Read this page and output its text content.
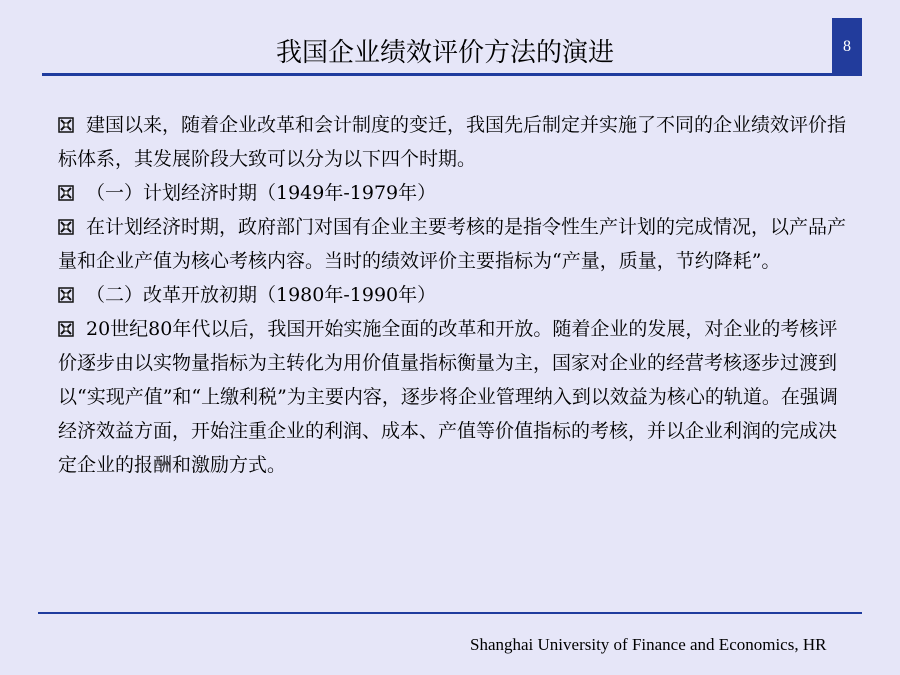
我国企业绩效评价方法的演进	8

建国以来，随着企业改革和会计制度的变迁，我国先后制定并实施了不同的企业绩效评价指标体系，其发展阶段大致可以分为以下四个时期。

（一）计划经济时期（1949年-1979年）

在计划经济时期，政府部门对国有企业主要考核的是指令性生产计划的完成情况，以产品产量和企业产值为核心考核内容。当时的绩效评价主要指标为“产量，质量，节约降耗”。

（二）改革开放初期（1980年-1990年）

20世纪80年代以后，我国开始实施全面的改革和开放。随着企业的发展，对企业的考核评价逐步由以实物量指标为主转化为用价值量指标衡量为主，国家对企业的经营考核逐步过渡到以“实现产值”和“上缴利税”为主要内容，逐步将企业管理纳入到以效益为核心的轨道。在强调经济效益方面，开始注重企业的利润、成本、产值等价值指标的考核，并以企业利润的完成决定企业的报酬和激励方式。

Shanghai University of Finance and Economics, HR
